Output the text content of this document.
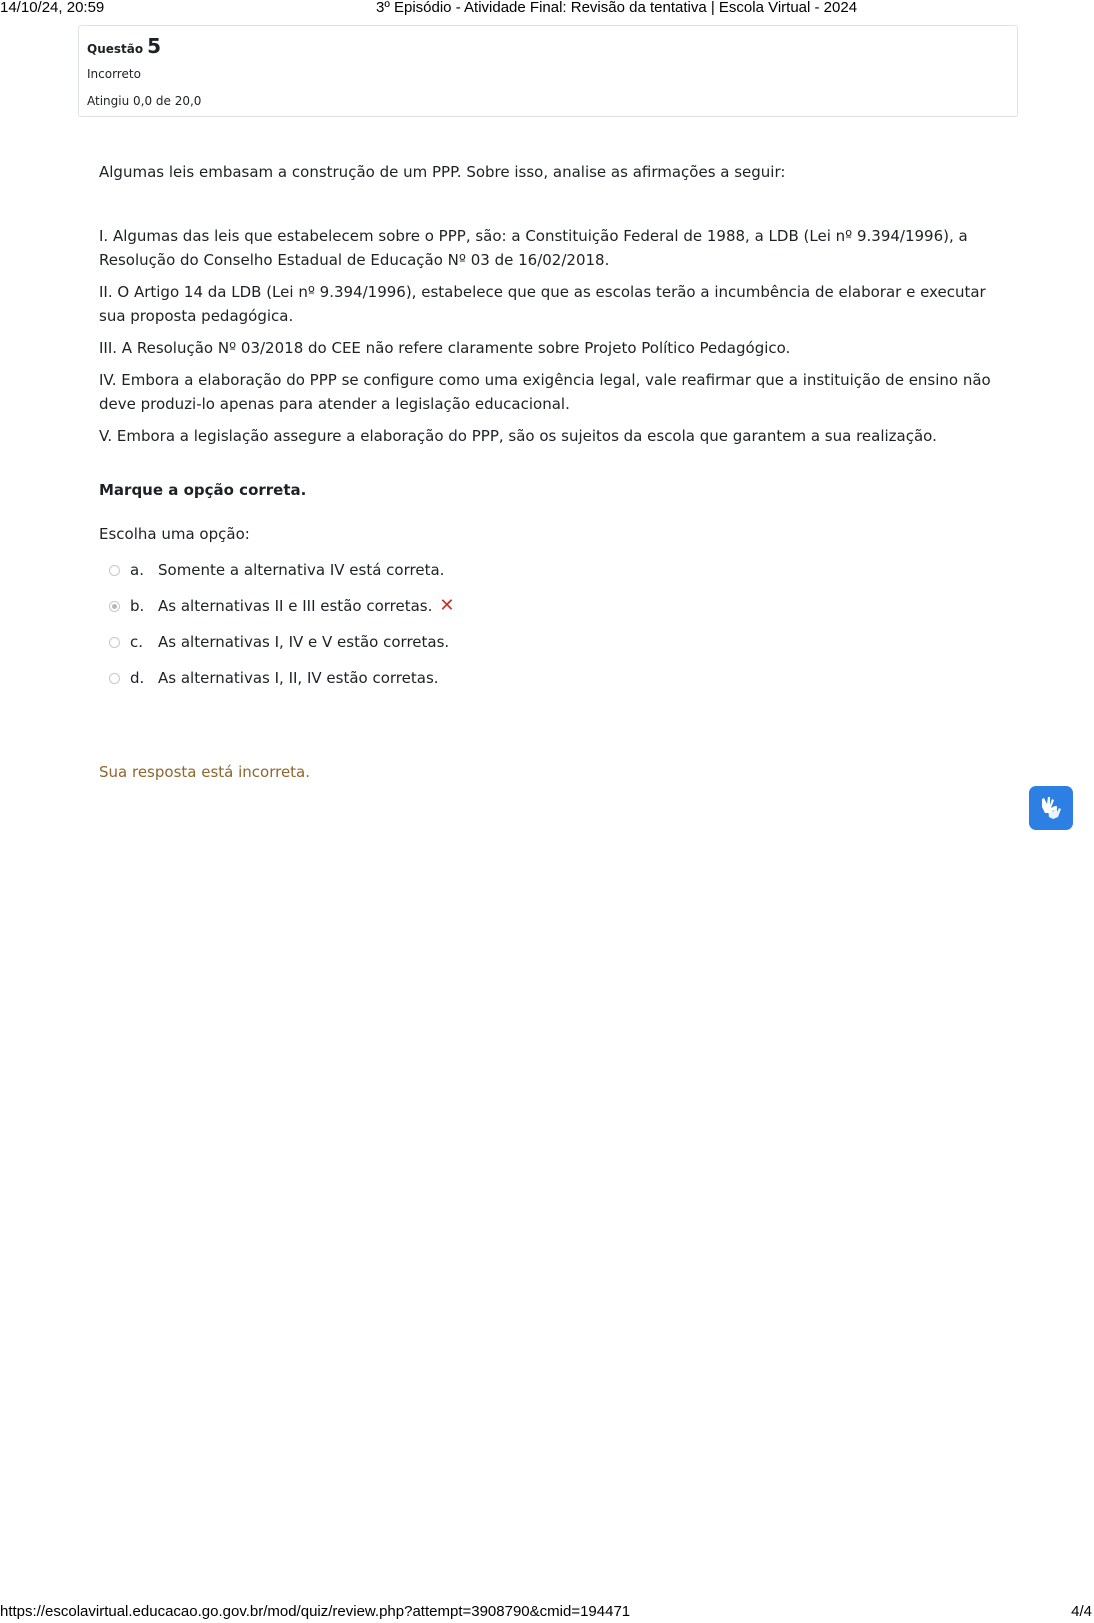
14/10/24, 20:59	3º Episódio - Atividade Final: Revisão da tentativa | Escola Virtual - 2024
Questão 5
Incorreto
Atingiu 0,0 de 20,0

Algumas leis embasam a construção de um PPP. Sobre isso, analise as afirmações a seguir:

I. Algumas das leis que estabelecem sobre o PPP, são: a Constituição Federal de 1988, a LDB (Lei nº 9.394/1996), a Resolução do Conselho Estadual de Educação Nº 03 de 16/02/2018.

II. O Artigo 14 da LDB (Lei nº 9.394/1996), estabelece que que as escolas terão a incumbência de elaborar e executar sua proposta pedagógica.

III. A Resolução Nº 03/2018 do CEE não refere claramente sobre Projeto Político Pedagógico.

IV. Embora a elaboração do PPP se configure como uma exigência legal, vale reafirmar que a instituição de ensino não deve produzi-lo apenas para atender a legislação educacional.

V. Embora a legislação assegure a elaboração do PPP, são os sujeitos da escola que garantem a sua realização.

Marque a opção correta.
Escolha uma opção:
a. Somente a alternativa IV está correta.
b. As alternativas II e III estão corretas. ✕
c. As alternativas I, IV e V estão corretas.
d. As alternativas I, II, IV estão corretas.
Sua resposta está incorreta.
https://escolavirtual.educacao.go.gov.br/mod/quiz/review.php?attempt=3908790&cmid=194471	4/4
